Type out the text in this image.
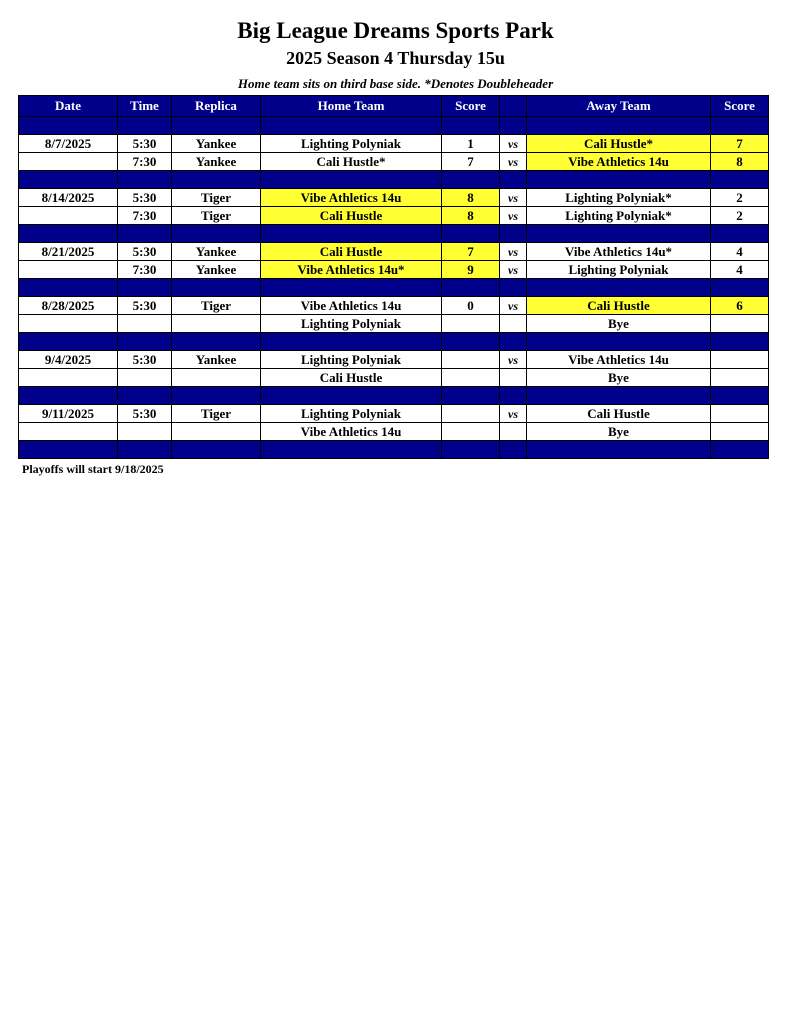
Big League Dreams Sports Park
2025 Season 4 Thursday 15u
Home team sits on third base side. *Denotes Doubleheader
Date	Time	Replica	Home Team	Score		Away Team	Score

8/7/2025	5:30	Yankee	Lighting Polyniak	1	vs	Cali Hustle*	7
	7:30	Yankee	Cali Hustle*	7	vs	Vibe Athletics 14u	8

8/14/2025	5:30	Tiger	Vibe Athletics 14u	8	vs	Lighting Polyniak*	2
	7:30	Tiger	Cali Hustle	8	vs	Lighting Polyniak*	2

8/21/2025	5:30	Yankee	Cali Hustle	7	vs	Vibe Athletics 14u*	4
	7:30	Yankee	Vibe Athletics 14u*	9	vs	Lighting Polyniak	4

8/28/2025	5:30	Tiger	Vibe Athletics 14u	0	vs	Cali Hustle	6
			Lighting Polyniak			Bye	

9/4/2025	5:30	Yankee	Lighting Polyniak		vs	Vibe Athletics 14u	
			Cali Hustle			Bye	

9/11/2025	5:30	Tiger	Lighting Polyniak		vs	Cali Hustle	
			Vibe Athletics 14u			Bye	

Playoffs will start 9/18/2025
